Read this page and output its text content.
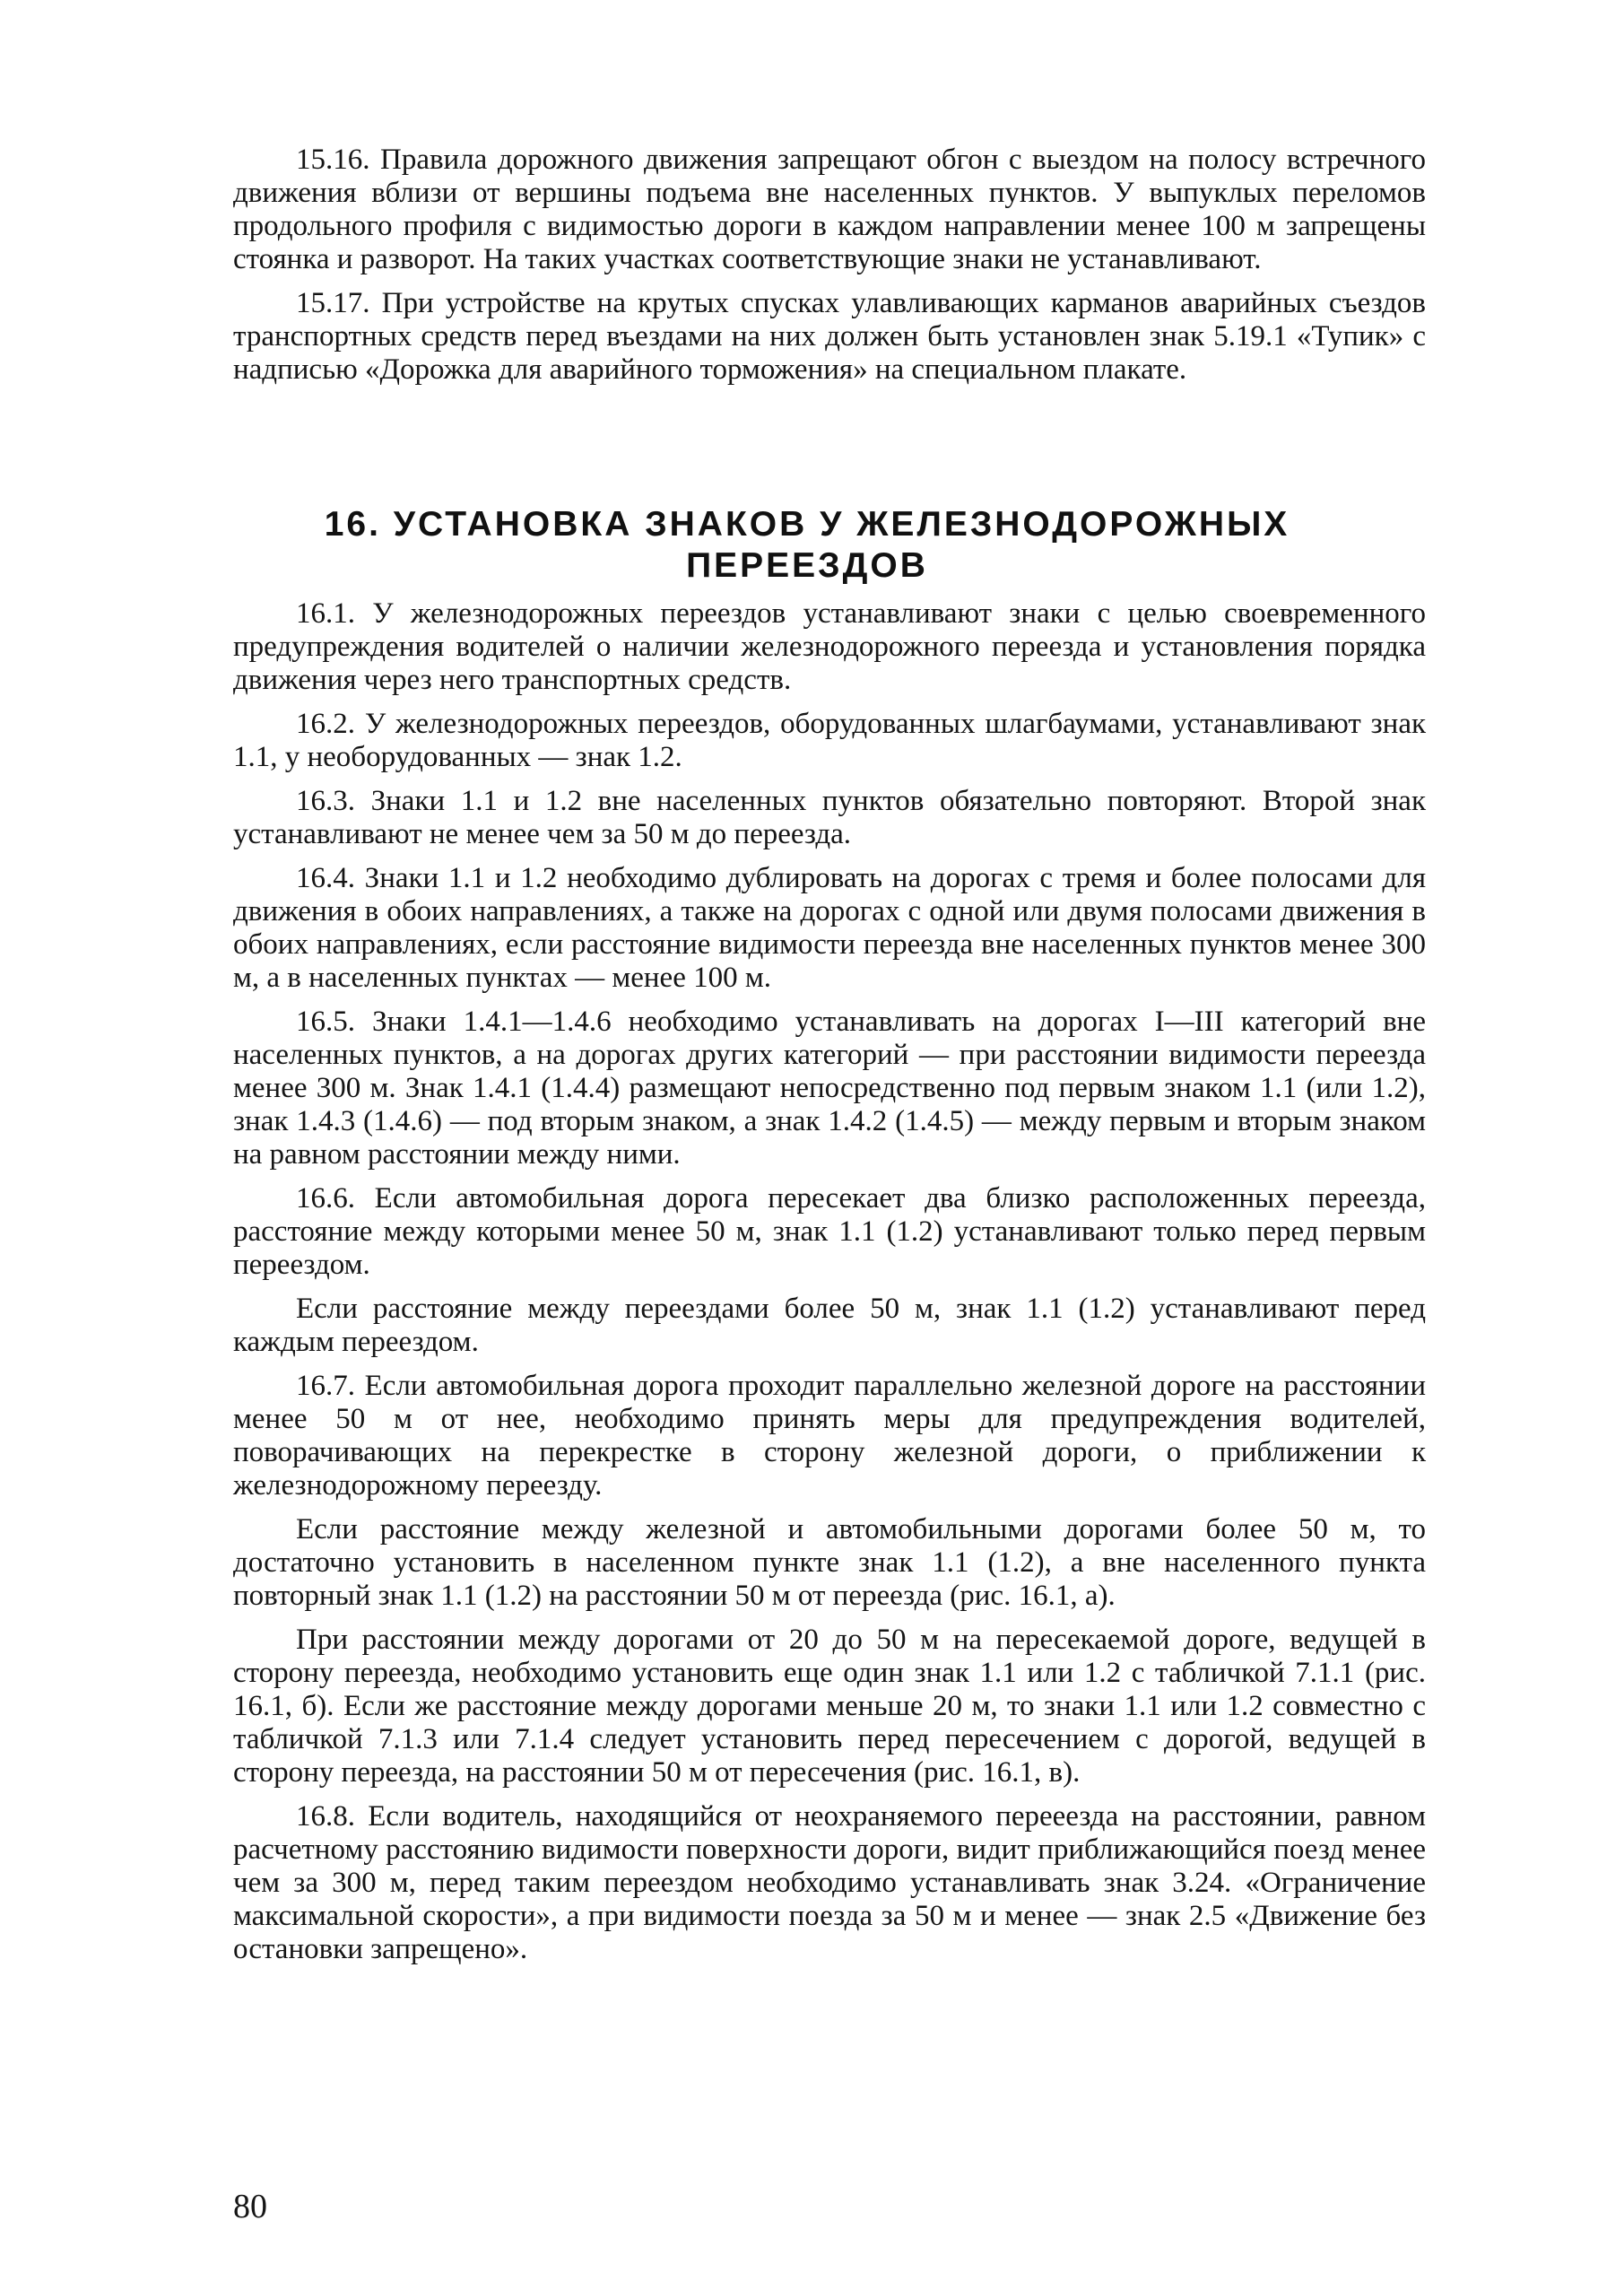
15.16. Правила дорожного движения запрещают обгон с выездом на полосу встречного движения вблизи от вершины подъема вне населенных пунктов. У выпуклых переломов продольного профиля с видимостью дороги в каждом направлении менее 100 м запрещены стоянка и разворот. На таких участках соответствующие знаки не устанавливают.

15.17. При устройстве на крутых спусках улавливающих карманов аварийных съездов транспортных средств перед въездами на них должен быть установлен знак 5.19.1 «Тупик» с надписью «Дорожка для аварийного торможения» на специальном плакате.

16. УСТАНОВКА ЗНАКОВ У ЖЕЛЕЗНОДОРОЖНЫХ ПЕРЕЕЗДОВ

16.1. У железнодорожных переездов устанавливают знаки с целью своевременного предупреждения водителей о наличии железнодорожного переезда и установления порядка движения через него транспортных средств.

16.2. У железнодорожных переездов, оборудованных шлагбаумами, устанавливают знак 1.1, у необорудованных — знак 1.2.

16.3. Знаки 1.1 и 1.2 вне населенных пунктов обязательно повторяют. Второй знак устанавливают не менее чем за 50 м до переезда.

16.4. Знаки 1.1 и 1.2 необходимо дублировать на дорогах с тремя и более полосами для движения в обоих направлениях, а также на дорогах с одной или двумя полосами движения в обоих направлениях, если расстояние видимости переезда вне населенных пунктов менее 300 м, а в населенных пунктах — менее 100 м.

16.5. Знаки 1.4.1—1.4.6 необходимо устанавливать на дорогах I—III категорий вне населенных пунктов, а на дорогах других категорий — при расстоянии видимости переезда менее 300 м. Знак 1.4.1 (1.4.4) размещают непосредственно под первым знаком 1.1 (или 1.2), знак 1.4.3 (1.4.6) — под вторым знаком, а знак 1.4.2 (1.4.5) — между первым и вторым знаком на равном расстоянии между ними.

16.6. Если автомобильная дорога пересекает два близко расположенных переезда, расстояние между которыми менее 50 м, знак 1.1 (1.2) устанавливают только перед первым переездом.

Если расстояние между переездами более 50 м, знак 1.1 (1.2) устанавливают перед каждым переездом.

16.7. Если автомобильная дорога проходит параллельно железной дороге на расстоянии менее 50 м от нее, необходимо принять меры для предупреждения водителей, поворачивающих на перекрестке в сторону железной дороги, о приближении к железнодорожному переезду.

Если расстояние между железной и автомобильными дорогами более 50 м, то достаточно установить в населенном пункте знак 1.1 (1.2), а вне населенного пункта повторный знак 1.1 (1.2) на расстоянии 50 м от переезда (рис. 16.1, а).

При расстоянии между дорогами от 20 до 50 м на пересекаемой дороге, ведущей в сторону переезда, необходимо установить еще один знак 1.1 или 1.2 с табличкой 7.1.1 (рис. 16.1, б). Если же расстояние между дорогами меньше 20 м, то знаки 1.1 или 1.2 совместно с табличкой 7.1.3 или 7.1.4 следует установить перед пересечением с дорогой, ведущей в сторону переезда, на расстоянии 50 м от пересечения (рис. 16.1, в).

16.8. Если водитель, находящийся от неохраняемого перееезда на расстоянии, равном расчетному расстоянию видимости поверхности дороги, видит приближающийся поезд менее чем за 300 м, перед таким переездом необходимо устанавливать знак 3.24. «Ограничение максимальной скорости», а при видимости поезда за 50 м и менее — знак 2.5 «Движение без остановки запрещено».

80
